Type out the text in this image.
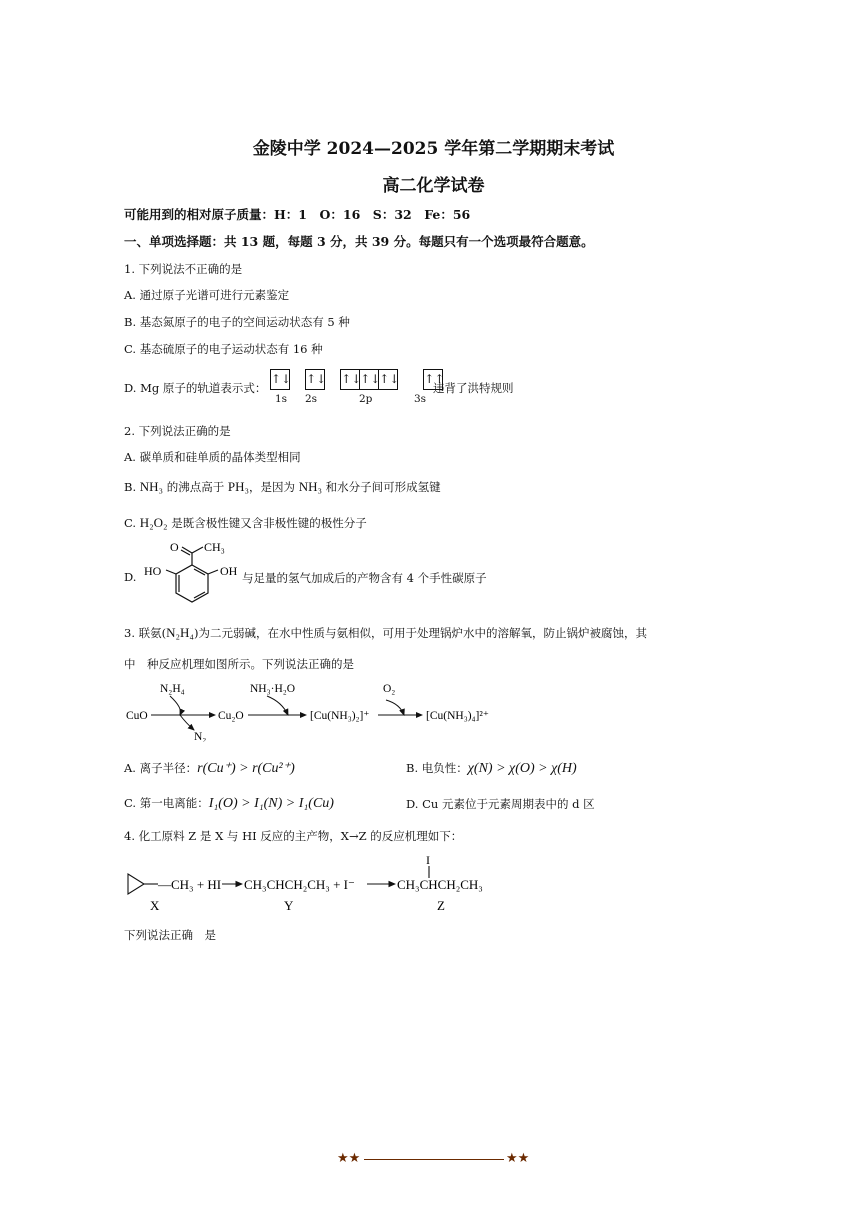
金陵中学 2024—2025 学年第二学期期末考试
高二化学试卷
可能用到的相对原子质量：H：1　O：16　S：32　Fe：56
一、单项选择题：共 13 题，每题 3 分，共 39 分。每题只有一个选项最符合题意。
1. 下列说法不正确的是
A. 通过原子光谱可进行元素鉴定
B. 基态氮原子的电子的空间运动状态有 5 种
C. 基态硫原子的电子运动状态有 16 种
D. Mg 原子的轨道表示式：
↑↓ ↑↓ ↑↓↑↓↑↓ ↑↑
1s 2s	2p	3s
违背了洪特规则
2. 下列说法正确的是
A. 碳单质和硅单质的晶体类型相同
B. NH₃ 的沸点高于 PH₃，是因为 NH₃ 和水分子间可形成氢键
C. H₂O₂ 是既含极性键又含非极性键的极性分子
D.
O CH₃
HO	OH 与足量的氢气加成后的产物含有 4 个手性碳原子
3. 联氨(N₂H₄)为二元弱碱，在水中性质与氨相似，可用于处理锅炉水中的溶解氧，防止锅炉被腐蚀，其
中　种反应机理如图所示。下列说法正确的是
CuO
N₂H₄
N₂
Cu₂O
NH₃·H₂O
[Cu(NH₃)₂]⁺
O₂
[Cu(NH₃)₄]²⁺
A. 离子半径：r(Cu⁺) > r(Cu²⁺)	B. 电负性：χ(N) > χ(O) > χ(H)
C. 第一电离能：I₁(O) > I₁(N) > I₁(Cu)	D. Cu 元素位于元素周期表中的 d 区
4. 化工原料 Z 是 X 与 HI 反应的主产物，X→Z 的反应机理如下：
—CH₃ + HI CH₃CHCH₂CH₃ + I⁻	CH₃CHCH₂CH₃
I
X	Y	Z
下列说法正确　是
★★	★★
